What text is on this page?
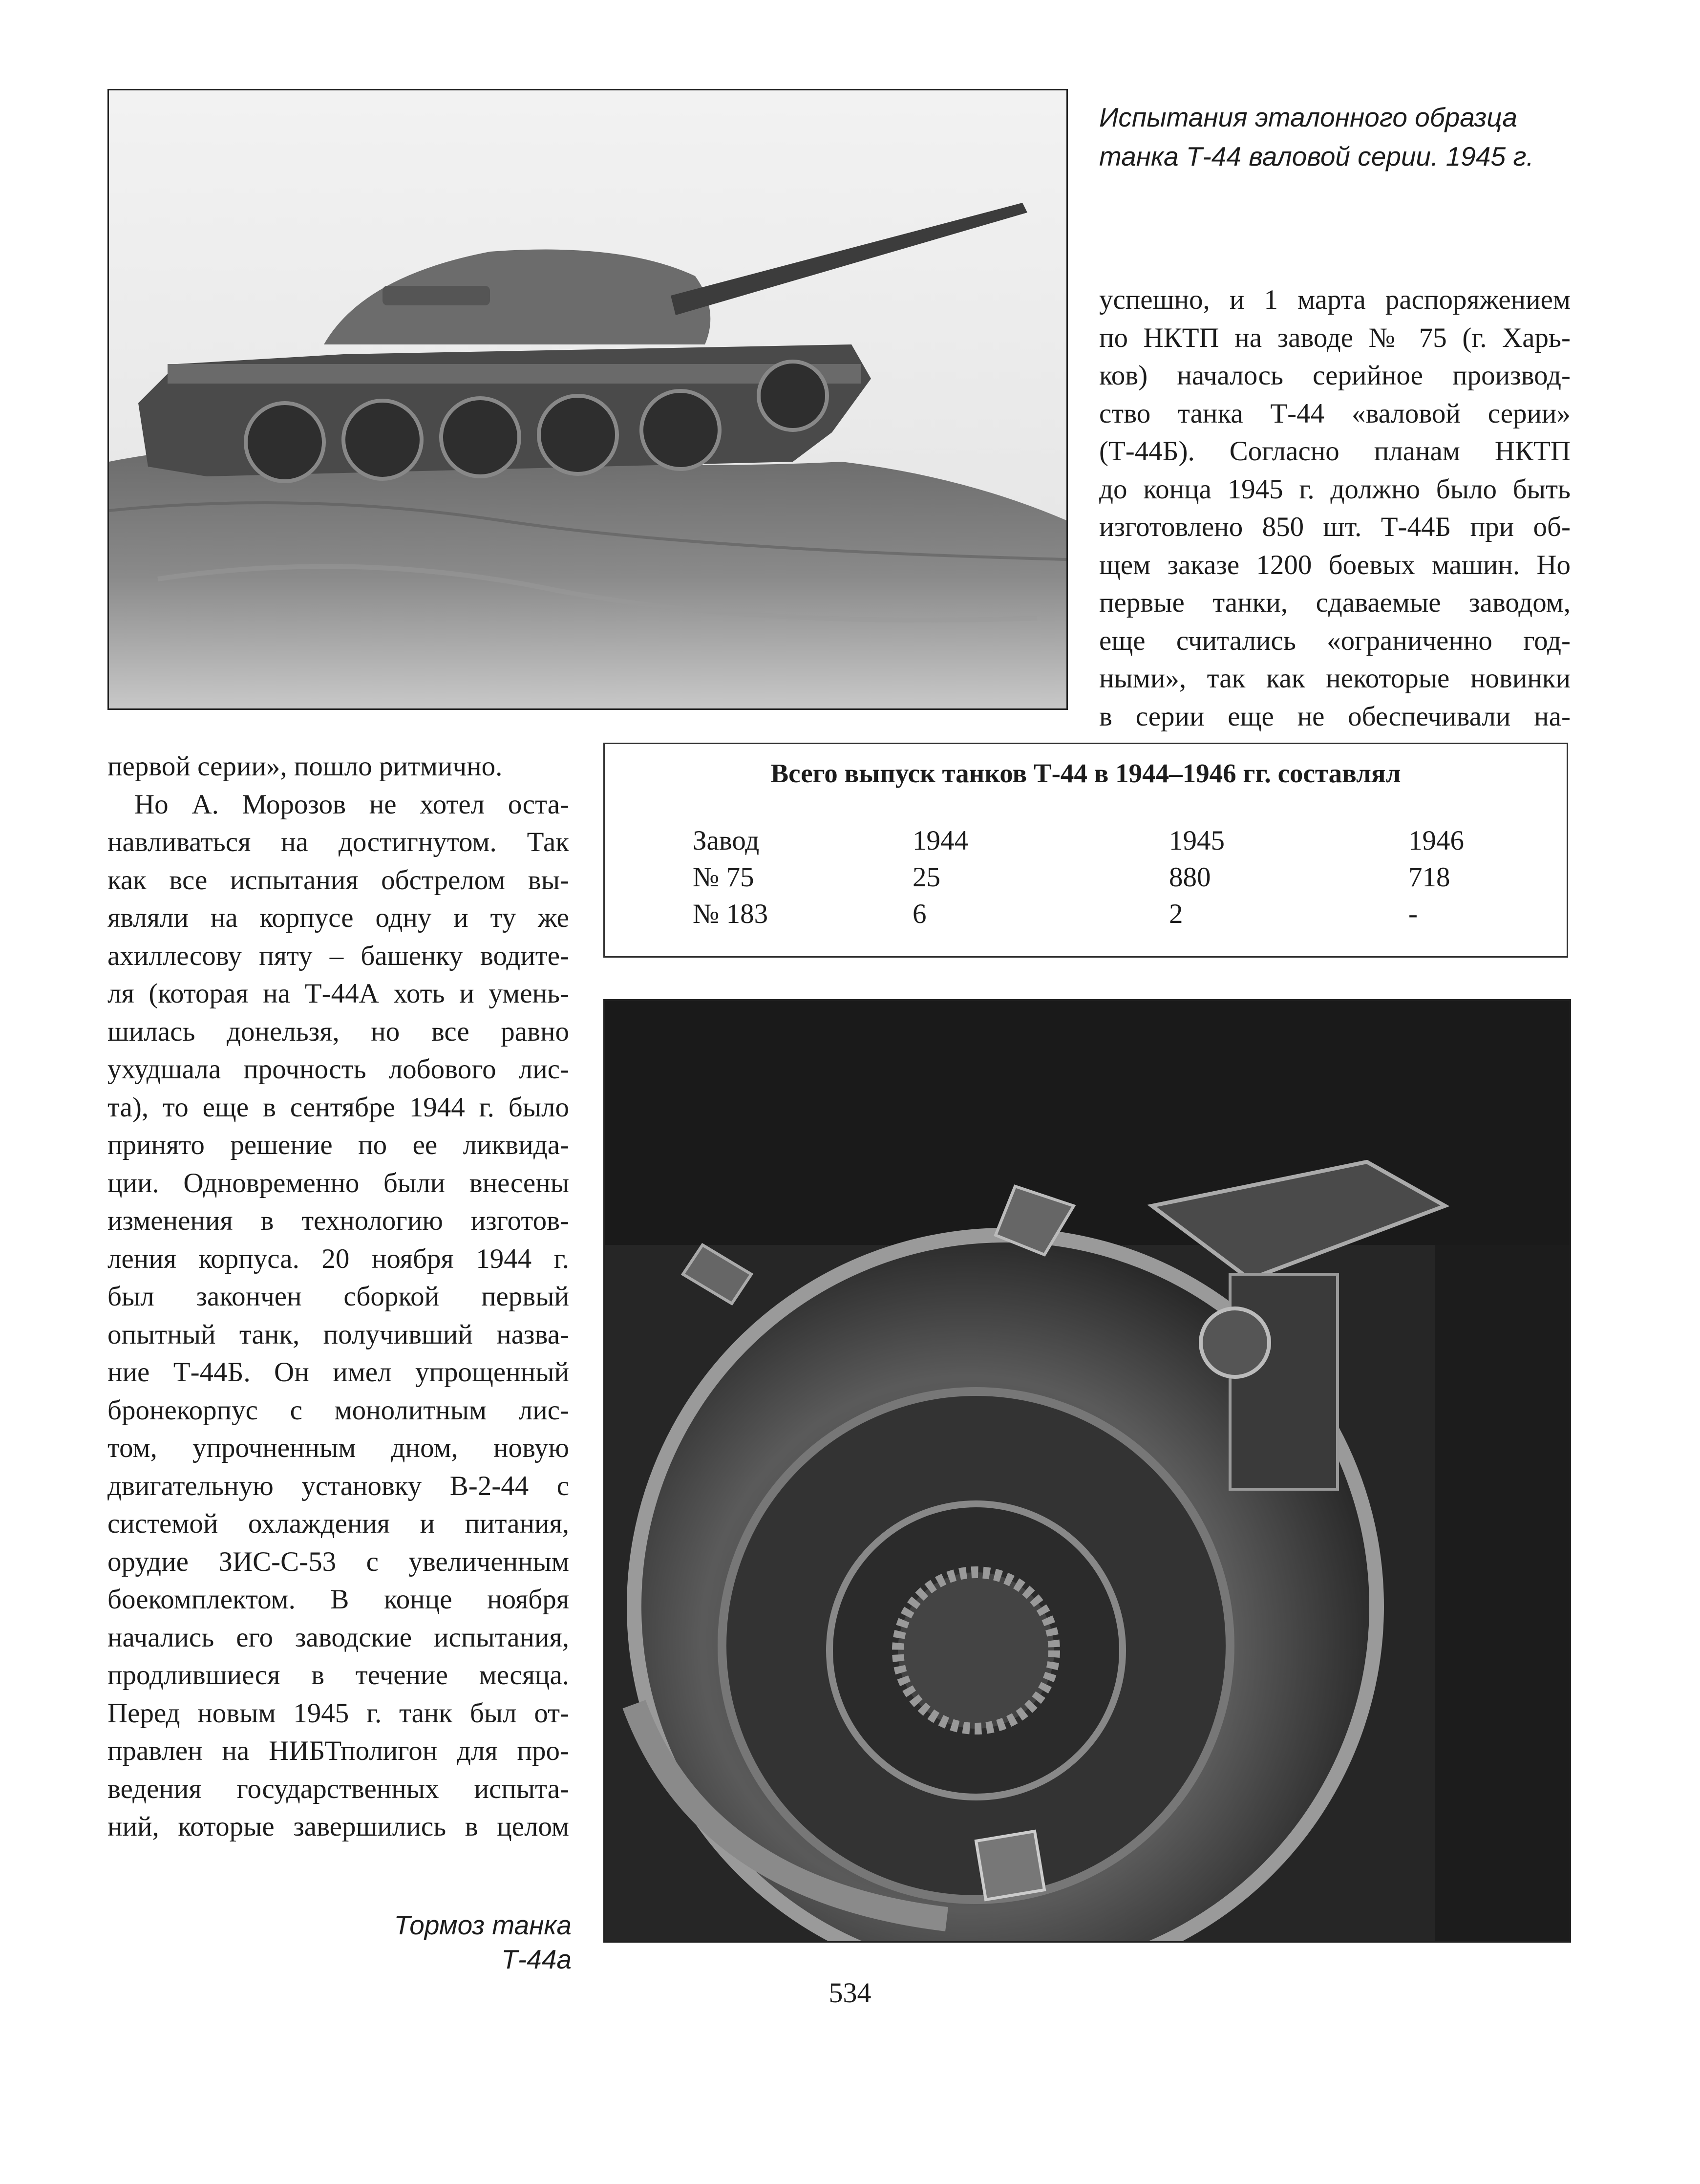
Испытания эталонного образца танка Т-44 валовой серии. 1945 г.

успешно, и 1 марта распоряжением

по НКТП на заводе № 75 (г. Харь-

ков) началось серийное производ-

ство танка Т-44 «валовой серии»

(Т-44Б). Согласно планам НКТП

до конца 1945 г. должно было быть

изготовлено 850 шт. Т-44Б при об-

щем заказе 1200 боевых машин. Но

первые танки, сдаваемые заводом,

еще считались «ограниченно год-

ными», так как некоторые новинки

в серии еще не обеспечивали на-

первой серии», пошло ритмично.

Но А. Морозов не хотел оста-

навливаться на достигнутом. Так

как все испытания обстрелом вы-

являли на корпусе одну и ту же

ахиллесову пяту – башенку водите-

ля (которая на Т-44А хоть и умень-

шилась донельзя, но все равно

ухудшала прочность лобового лис-

та), то еще в сентябре 1944 г. было

принято решение по ее ликвида-

ции. Одновременно были внесены

изменения в технологию изготов-

ления корпуса. 20 ноября 1944 г.

был закончен сборкой первый

опытный танк, получивший назва-

ние Т-44Б. Он имел упрощенный

бронекорпус с монолитным лис-

том, упрочненным дном, новую

двигательную установку В-2-44 с

системой охлаждения и питания,

орудие ЗИС-С-53 с увеличенным

боекомплектом. В конце ноября

начались его заводские испытания,

продлившиеся в течение месяца.

Перед новым 1945 г. танк был от-

правлен на НИБТполигон для про-

ведения государственных испыта-

ний, которые завершились в целом

Всего выпуск танков Т-44 в 1944–1946 гг. составлял
Завод	1944	1945	1946
№ 75	25	880	718
№ 183	6	2	-
Тормоз танка Т-44а
534
